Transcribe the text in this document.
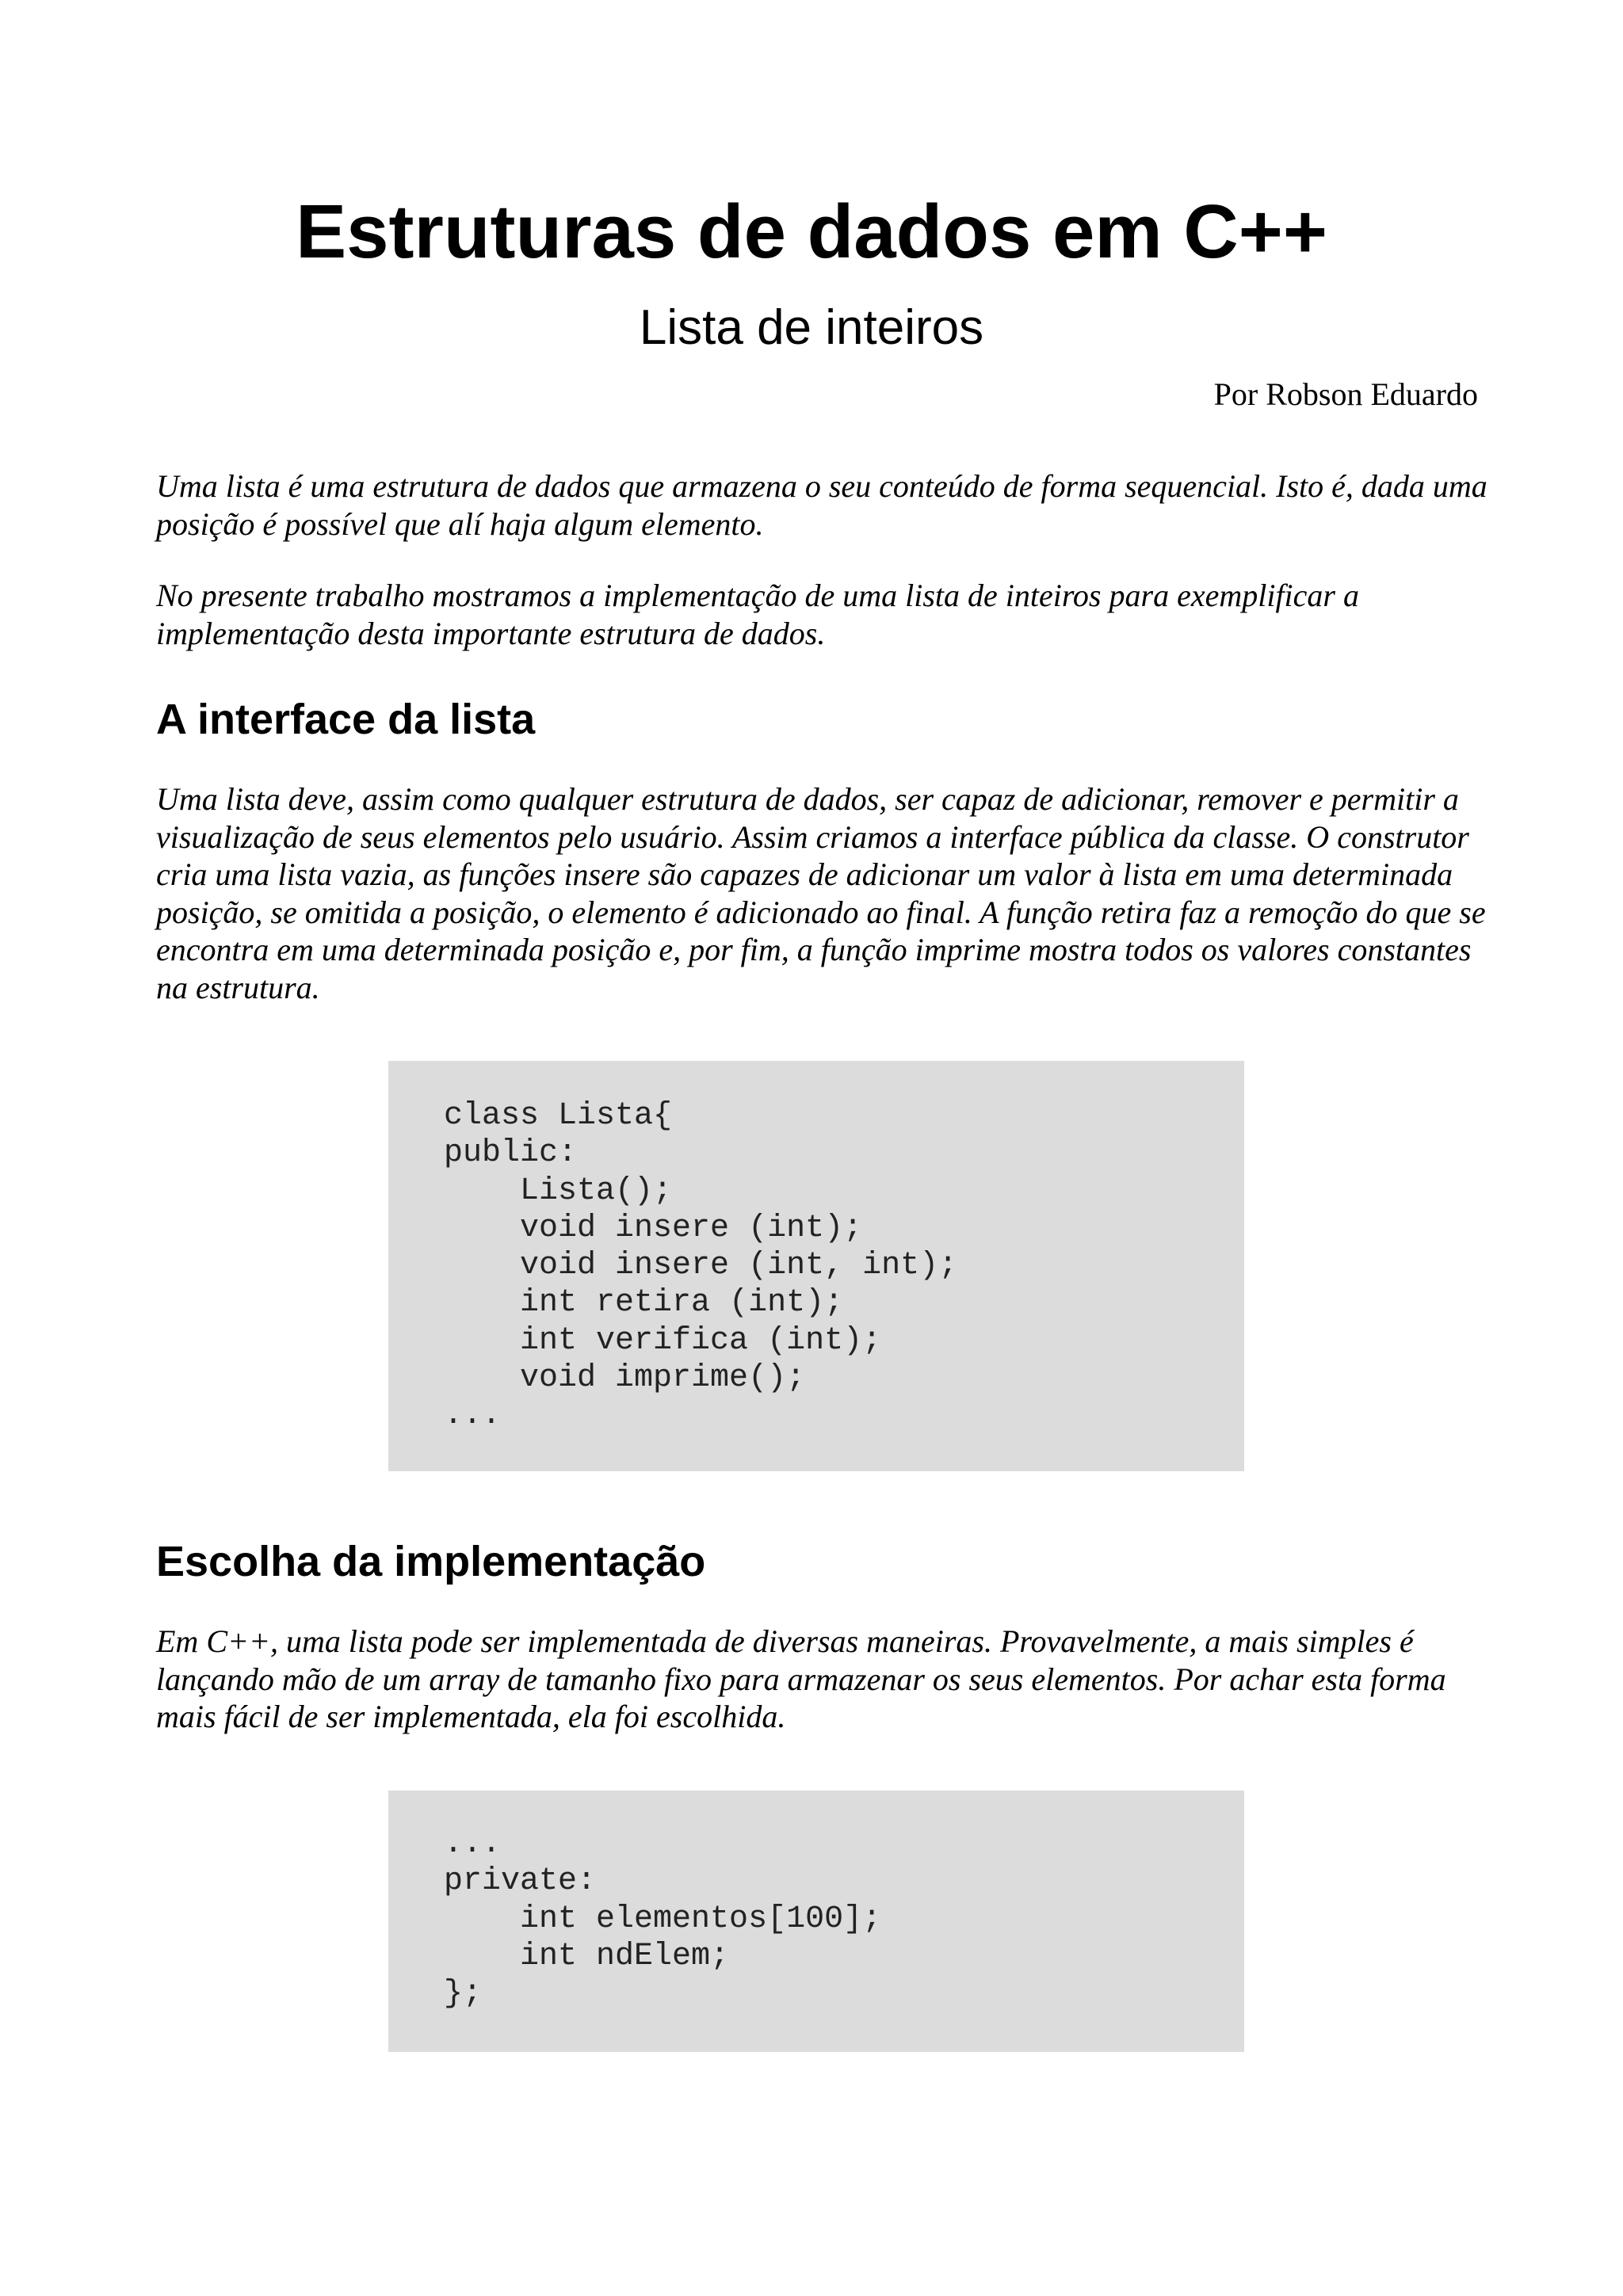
Estruturas de dados em C++
Lista de inteiros

Por Robson Eduardo

Uma lista é uma estrutura de dados que armazena o seu conteúdo de forma sequencial. Isto é, dada uma posição é possível que alí haja algum elemento.

No presente trabalho mostramos a implementação de uma lista de inteiros para exemplificar a implementação desta importante estrutura de dados.

A interface da lista

Uma lista deve, assim como qualquer estrutura de dados, ser capaz de adicionar, remover e permitir a visualização de seus elementos pelo usuário. Assim criamos a interface pública da classe. O construtor cria uma lista vazia, as funções insere são capazes de adicionar um valor à lista em uma determinada posição, se omitida a posição, o elemento é adicionado ao final. A função retira faz a remoção do que se encontra em uma determinada posição e, por fim, a função imprime mostra todos os valores constantes na estrutura.

class Lista{
public:
Lista();
void insere (int);
void insere (int, int);
int retira (int);
int verifica (int);
void imprime();
...
Escolha da implementação

Em C++, uma lista pode ser implementada de diversas maneiras. Provavelmente, a mais simples é lançando mão de um array de tamanho fixo para armazenar os seus elementos. Por achar esta forma mais fácil de ser implementada, ela foi escolhida.

...
private:
int elementos[100];
int ndElem;
};
